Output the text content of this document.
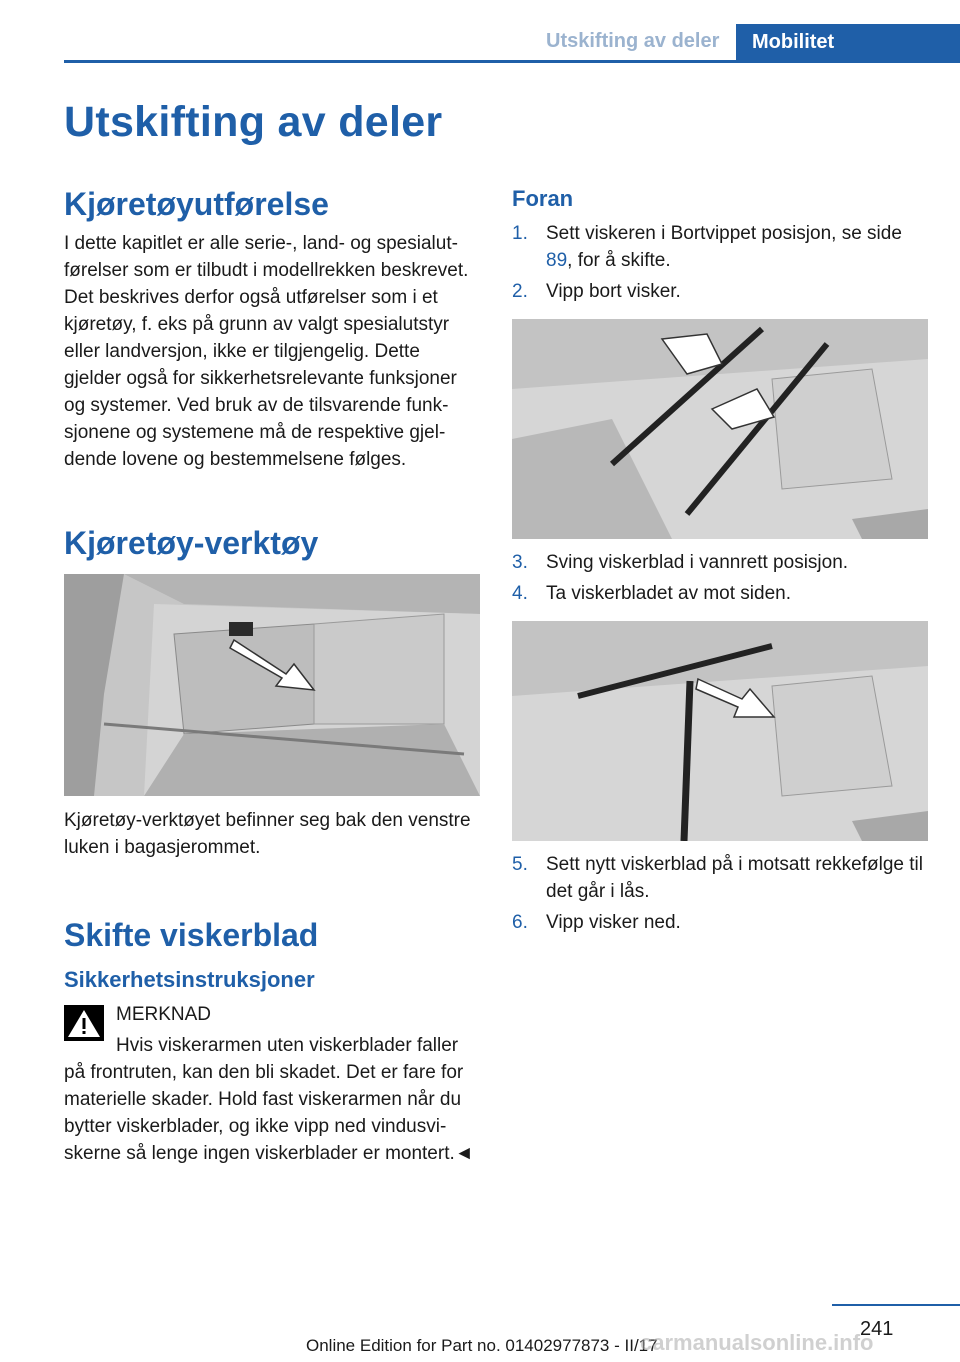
Utskifting av deler	Mobilitet
Utskifting av deler
Kjøretøyutførelse

I dette kapitlet er alle serie-, land- og spesialutførelser som er tilbudt i modellrekken beskrevet. Det beskrives derfor også utførelser som i et kjøretøy, f. eks på grunn av valgt spesialutstyr eller landversjon, ikke er tilgjengelig. Dette gjelder også for sikkerhetsrelevante funksjoner og systemer. Ved bruk av de tilsvarende funksjonene og systemene må de respektive gjeldende lovene og bestemmelsene følges.

Kjøretøy-verktøy

Kjøretøy-verktøyet befinner seg bak den venstre luken i bagasjerommet.

Skifte viskerblad
Sikkerhetsinstruksjoner

MERKNAD

Hvis viskerarmen uten viskerblader faller på frontruten, kan den bli skadet. Det er fare for materielle skader. Hold fast viskerarmen når du bytter viskerblader, og ikke vipp ned vindusviskerne så lenge ingen viskerblader er montert.◄

Foran
1. Sett viskeren i Bortvippet posisjon, se side 89, for å skifte.
2. Vipp bort visker.
3. Sving viskerblad i vannrett posisjon.
4. Ta viskerbladet av mot siden.
5. Sett nytt viskerblad på i motsatt rekkefølge til det går i lås.
6. Vipp visker ned.
241
Online Edition for Part no. 01402977873 - II/17
carmanualsonline.info
